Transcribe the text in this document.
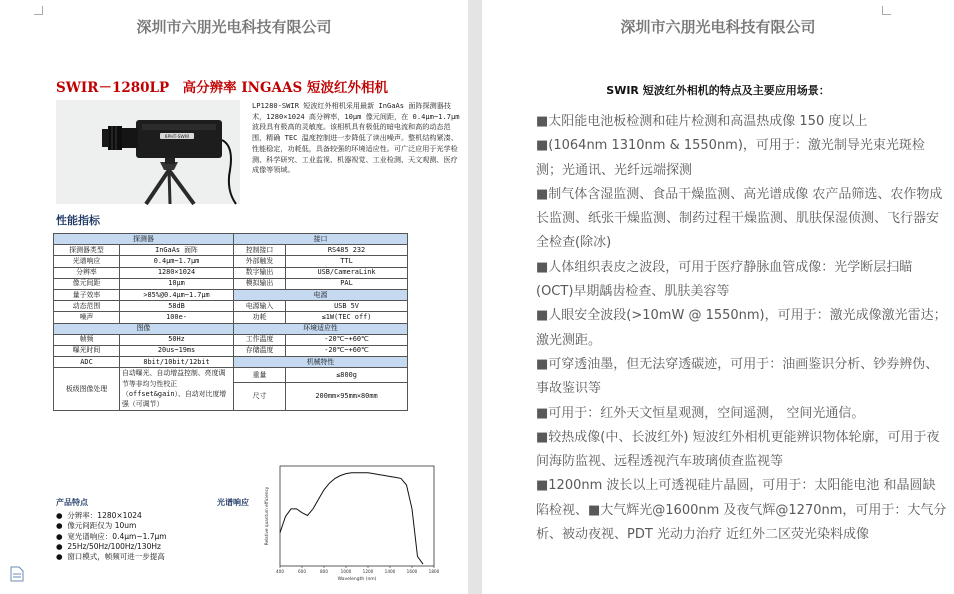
深圳市六朋光电科技有限公司
SWIR－1280LP　高分辨率 INGAAS 短波红外相机
6PHT-SWIR
LP1280-SWIR 短波红外相机采用最新 InGaAs 面阵探测器技术，1280×1024 高分辨率，10μm 像元间距，在 0.4μm~1.7μm 波段具有极高的灵敏度。该相机具有极低的暗电流和高的动态范围，精确 TEC 温度控制进一步降低了读出噪声。整机结构紧凑、性能稳定，功耗低，具备较强的环境适应性。可广泛应用于光学检测、科学研究、工业监视、机器视觉、工业检测、天文观测、医疗成像等领域。
性能指标
探测器		接口	
探测器类型	InGaAs 面阵	控制接口	RS485 232
光谱响应	0.4μm~1.7μm	外部触发	TTL
分辨率	1280×1024	数字输出	USB/CameraLink
像元间距	10μm	模拟输出	PAL
量子效率	>85%@0.4μm~1.7μm	电源	
动态范围	58dB	电源输入	USB 5V
噪声	100e-	功耗	≤1W(TEC off)
图像		环境适应性	
帧频	50Hz	工作温度	-20℃~+60℃
曝光时间	20us~19ms	存储温度	-20℃~+60℃
ADC	8bit/10bit/12bit	机械特性	
板级图像处理	自动曝光、自动增益控制、亮度调节等非均匀性校正（offset&gain）、自动对比度增强（可调节）	重量	≤800g
		尺寸	200mm×95mm×80mm
400	600	800	1000	1200	1400	1600	1800
Wavelength (nm)
Relative quantum efficiency
产品特点
●  分辨率：1280×1024
●  像元间距仅为 10um
●  宽光谱响应：0.4μm~1.7μm
●  25Hz/50Hz/100Hz/130Hz
●  窗口模式，帧频可进一步提高
光谱响应
深圳市六朋光电科技有限公司
SWIR 短波红外相机的特点及主要应用场景：

■太阳能电池板检测和硅片检测和高温热成像 150 度以上

■(1064nm 1310nm & 1550nm)，可用于：激光制导光束光斑检测；光通讯、光纤远端探测

■制气体含湿监测、食品干燥监测、高光谱成像 农产品筛选、农作物成长监测、纸张干燥监测、制药过程干燥监测、肌肤保湿侦测、飞行器安全检查(除冰)

■人体组织表皮之波段，可用于医疗静脉血管成像：光学断层扫瞄(OCT)早期龋齿检查、肌肤美容等

■人眼安全波段(>10mW @ 1550nm)，可用于：激光成像激光雷达；激光测距。

■可穿透油墨，但无法穿透碳迹，可用于：油画鉴识分析、钞券辨伪、事故鉴识等

■可用于：红外天文恒星观测，空间遥测， 空间光通信。

■较热成像(中、长波红外) 短波红外相机更能辨识物体轮廓，可用于夜间海防监视、远程透视汽车玻璃侦查监视等

■1200nm 波长以上可透视硅片晶圆，可用于：太阳能电池 和晶圆缺陷检视、■大气辉光@1600nm 及夜气辉@1270nm，可用于：大气分析、被动夜视、PDT 光动力治疗 近红外二区荧光染料成像
